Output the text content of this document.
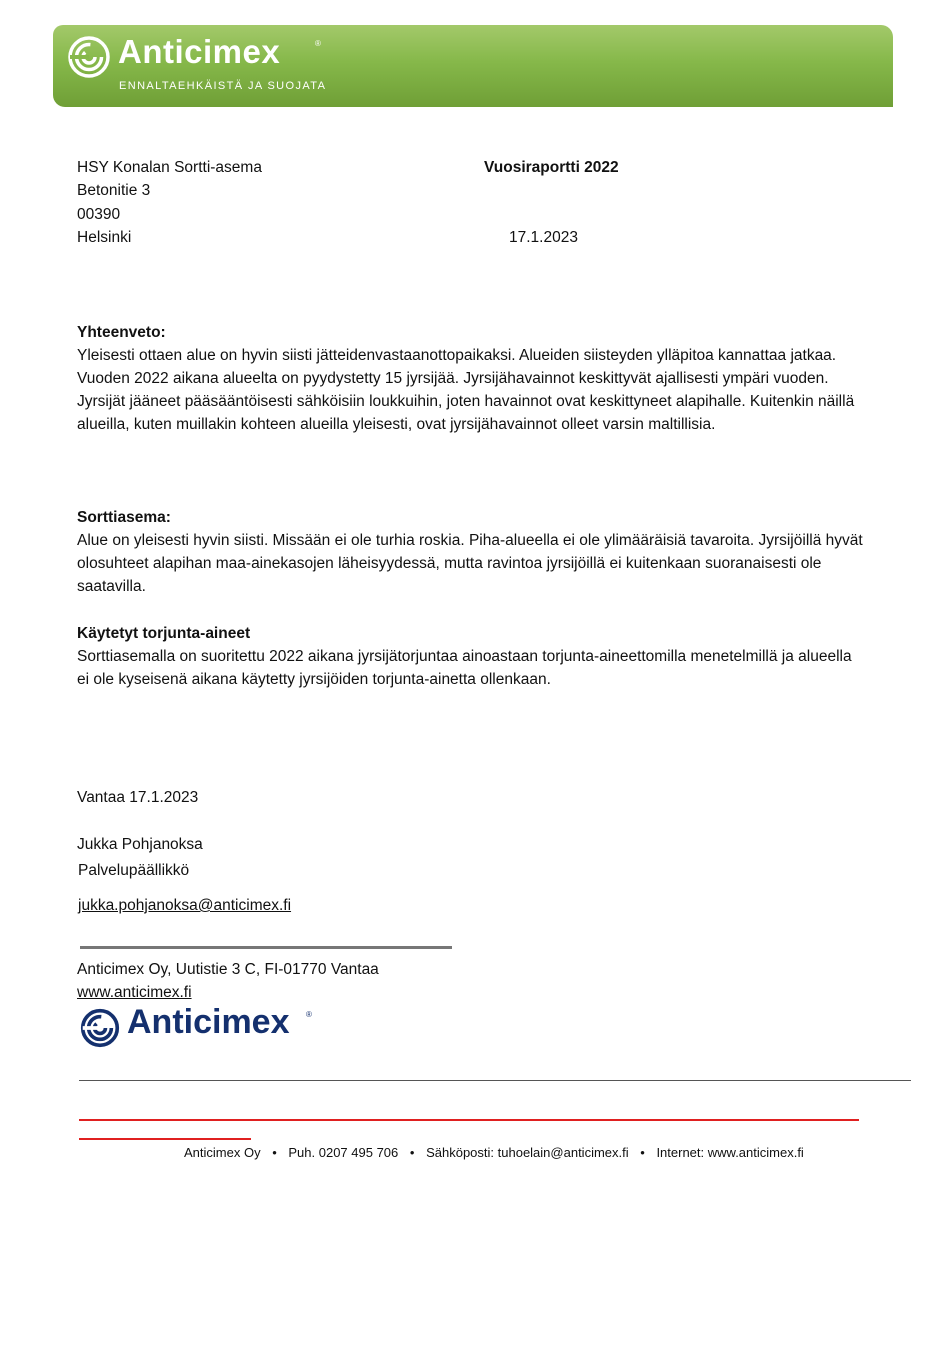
Anticimex	®
ENNALTAEHKÄISTÄ JA SUOJATA
HSY Konalan Sortti-asema
Betonitie 3
00390
Helsinki
Vuosiraportti 2022
17.1.2023
Yhteenveto:
Yleisesti ottaen alue on hyvin siisti jätteidenvastaanottopaikaksi. Alueiden siisteyden ylläpitoa kannattaa jatkaa.
Vuoden 2022 aikana alueelta on pyydystetty 15 jyrsijää. Jyrsijähavainnot keskittyvät ajallisesti ympäri vuoden. Jyrsijät jääneet pääsääntöisesti sähköisiin loukkuihin, joten havainnot ovat keskittyneet alapihalle. Kuitenkin näillä alueilla, kuten muillakin kohteen alueilla yleisesti, ovat jyrsijähavainnot olleet varsin maltillisia.
Sorttiasema:
Alue on yleisesti hyvin siisti. Missään ei ole turhia roskia. Piha-alueella ei ole ylimääräisiä tavaroita. Jyrsijöillä hyvät olosuhteet alapihan maa-ainekasojen läheisyydessä, mutta ravintoa jyrsijöillä ei kuitenkaan suoranaisesti ole saatavilla.
Käytetyt torjunta-aineet
Sorttiasemalla on suoritettu 2022 aikana jyrsijätorjuntaa ainoastaan torjunta-aineettomilla menetelmillä ja alueella ei ole kyseisenä aikana käytetty jyrsijöiden torjunta-ainetta ollenkaan.
Vantaa 17.1.2023
Jukka Pohjanoksa
Palvelupäällikkö
jukka.pohjanoksa@anticimex.fi
Anticimex Oy, Uutistie 3 C, FI-01770 Vantaa
www.anticimex.fi
Anticimex ®
Anticimex Oy • Puh. 0207 495 706 • Sähköposti: tuhoelain@anticimex.fi • Internet: www.anticimex.fi
